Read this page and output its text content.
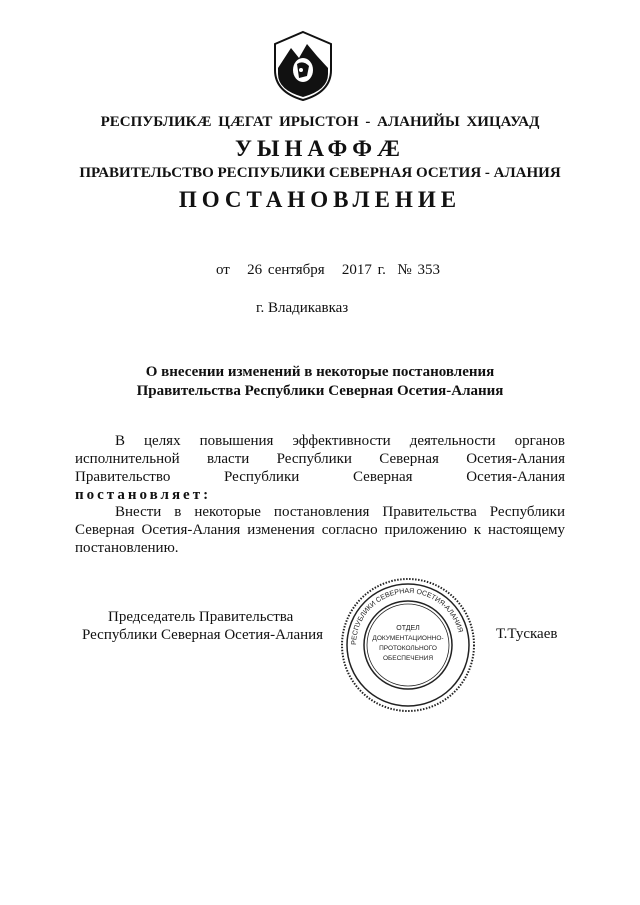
РЕСПУБЛИКӔ ЦӔГАТ ИРЫСТОН - АЛАНИЙЫ ХИЦАУАД
УЫНАФФӔ
ПРАВИТЕЛЬСТВО РЕСПУБЛИКИ СЕВЕРНАЯ ОСЕТИЯ - АЛАНИЯ
ПОСТАНОВЛЕНИЕ
от   26 сентября   2017 г.  № 353
г. Владикавказ
О внесении изменений в некоторые постановления
Правительства Республики Северная Осетия-Алания
В целях повышения эффективности деятельности органов
исполнительной власти Республики Северная Осетия-Алания
Правительство Республики Северная Осетия-Алания
постановляет:
Внести в некоторые постановления Правительства Республики
Северная Осетия-Алания изменения согласно приложению к настоящему
постановлению.
Председатель Правительства
Республики Северная Осетия-Алания	РЕСПУБЛИКИ СЕВЕРНАЯ ОСЕТИЯ-АЛАНИЯ
ОТДЕЛ
ДОКУМЕНТАЦИОННО-
ПРОТОКОЛЬНОГО
ОБЕСПЕЧЕНИЯ
Т.Тускаев
